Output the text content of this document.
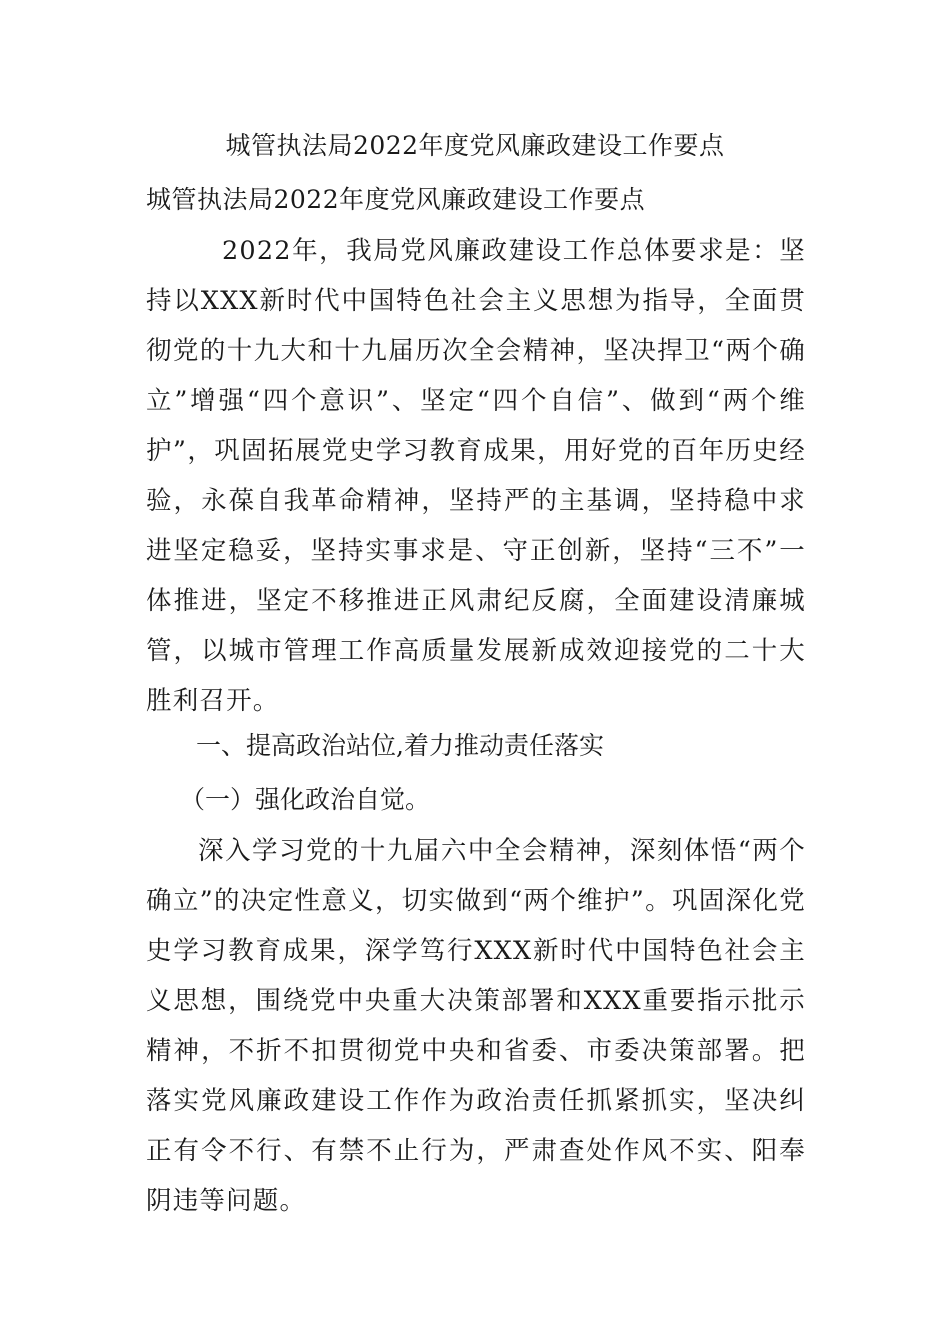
城管执法局2022年度党风廉政建设工作要点
城管执法局2022年度党风廉政建设工作要点
2022年，我局党风廉政建设工作总体要求是：坚持以XXX新时代中国特色社会主义思想为指导，全面贯彻党的十九大和十九届历次全会精神，坚决捍卫“两个确立”增强“四个意识”、坚定“四个自信”、做到“两个维护”，巩固拓展党史学习教育成果，用好党的百年历史经验，永葆自我革命精神，坚持严的主基调，坚持稳中求进坚定稳妥，坚持实事求是、守正创新，坚持“三不”一体推进，坚定不移推进正风肃纪反腐，全面建设清廉城管，以城市管理工作高质量发展新成效迎接党的二十大胜利召开。
一、提高政治站位,着力推动责任落实
（一）强化政治自觉。
深入学习党的十九届六中全会精神，深刻体悟“两个确立”的决定性意义，切实做到“两个维护”。巩固深化党史学习教育成果，深学笃行XXX新时代中国特色社会主义思想，围绕党中央重大决策部署和XXX重要指示批示精神，不折不扣贯彻党中央和省委、市委决策部署。把落实党风廉政建设工作作为政治责任抓紧抓实，坚决纠正有令不行、有禁不止行为，严肃查处作风不实、阳奉阴违等问题。
